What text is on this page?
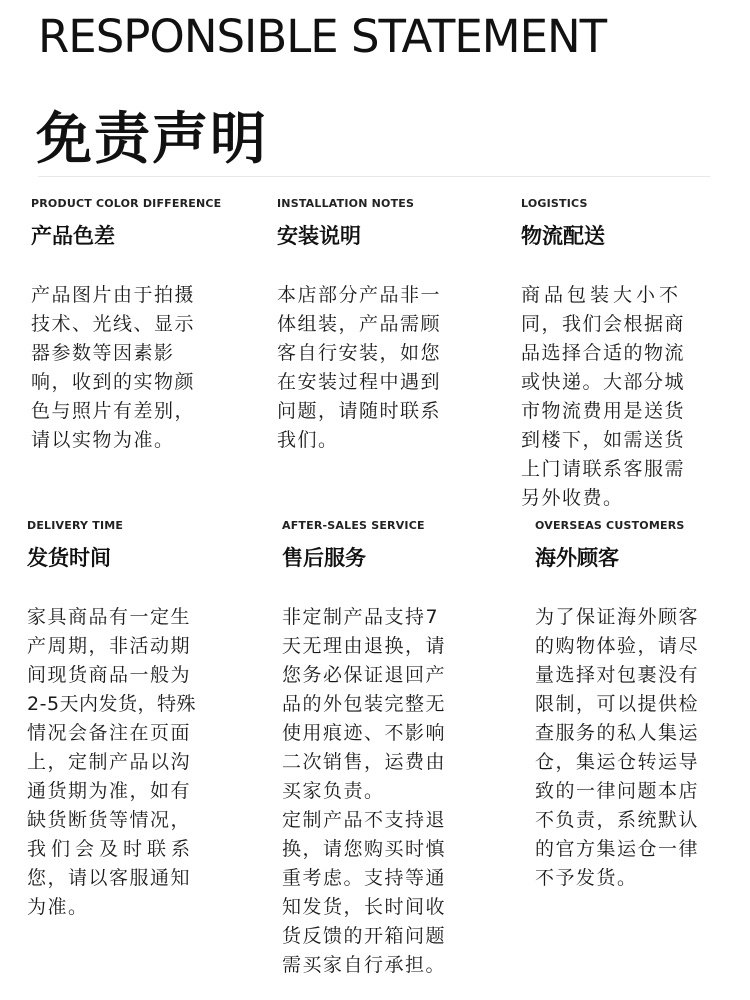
RESPONSIBLE STATEMENT
免责声明

PRODUCT COLOR DIFFERENCE

产品色差

产品图片由于拍摄
技术、光线、显示
器参数等因素影
响，收到的实物颜
色与照片有差别，
请以实物为准。

INSTALLATION NOTES

安装说明

本店部分产品非一
体组装，产品需顾
客自行安装，如您
在安装过程中遇到
问题，请随时联系
我们。

LOGISTICS

物流配送

商品包装大小不
同，我们会根据商
品选择合适的物流
或快递。大部分城
市物流费用是送货
到楼下，如需送货
上门请联系客服需
另外收费。

DELIVERY TIME

发货时间

家具商品有一定生
产周期，非活动期
间现货商品一般为
2-5天内发货，特殊
情况会备注在页面
上，定制产品以沟
通货期为准，如有
缺货断货等情况，
我们会及时联系
您，请以客服通知
为准。

AFTER-SALES SERVICE

售后服务

非定制产品支持7
天无理由退换，请
您务必保证退回产
品的外包装完整无
使用痕迹、不影响
二次销售，运费由
买家负责。
定制产品不支持退
换，请您购买时慎
重考虑。支持等通
知发货，长时间收
货反馈的开箱问题
需买家自行承担。

OVERSEAS CUSTOMERS

海外顾客

为了保证海外顾客
的购物体验，请尽
量选择对包裹没有
限制，可以提供检
查服务的私人集运
仓，集运仓转运导
致的一律问题本店
不负责，系统默认
的官方集运仓一律
不予发货。
